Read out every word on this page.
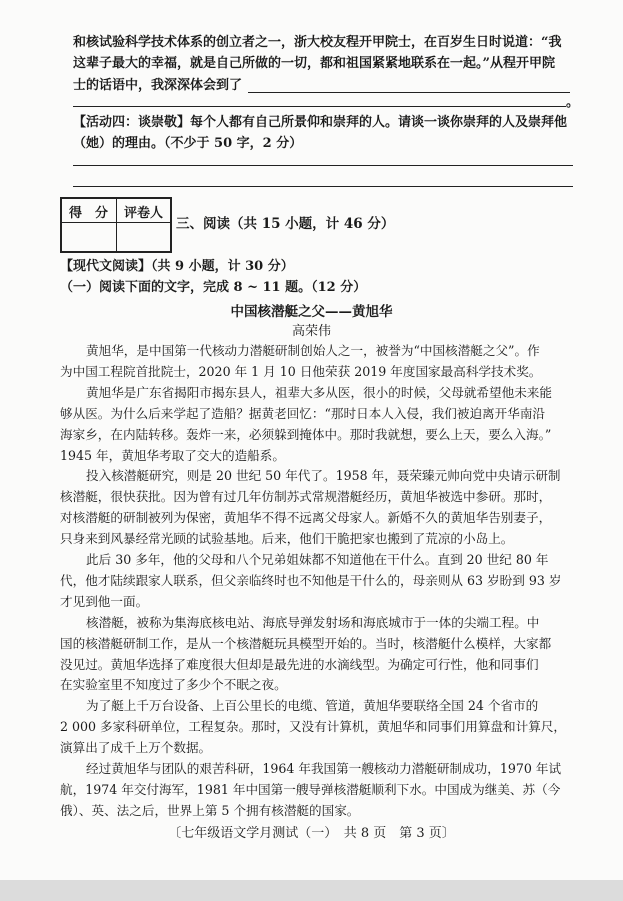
和核试验科学技术体系的创立者之一，浙大校友程开甲院士，在百岁生日时说道：“我
这辈子最大的幸福，就是自己所做的一切，都和祖国紧紧地联系在一起。”从程开甲院
士的话语中，我深深体会到了
。
【活动四：谈崇敬】每个人都有自己所景仰和崇拜的人。请谈一谈你崇拜的人及崇拜他
（她）的理由。（不少于 50 字，2 分）
得　分 评卷人
三、阅读（共 15 小题，计 46 分）
【现代文阅读】（共 9 小题，计 30 分）
（一）阅读下面的文字，完成 8 ~ 11 题。（12 分）
中国核潜艇之父——黄旭华
高荣伟
黄旭华，是中国第一代核动力潜艇研制创始人之一，被誉为“中国核潜艇之父”。作
为中国工程院首批院士，2020 年 1 月 10 日他荣获 2019 年度国家最高科学技术奖。
黄旭华是广东省揭阳市揭东县人，祖辈大多从医，很小的时候，父母就希望他未来能
够从医。为什么后来学起了造船？据黄老回忆：“那时日本人入侵，我们被迫离开华南沿
海家乡，在内陆转移。轰炸一来，必须躲到掩体中。那时我就想，要么上天，要么入海。”
1945 年，黄旭华考取了交大的造船系。
投入核潜艇研究，则是 20 世纪 50 年代了。1958 年，聂荣臻元帅向党中央请示研制
核潜艇，很快获批。因为曾有过几年仿制苏式常规潜艇经历，黄旭华被选中参研。那时，
对核潜艇的研制被列为保密，黄旭华不得不远离父母家人。新婚不久的黄旭华告别妻子，
只身来到风暴经常光顾的试验基地。后来，他们干脆把家也搬到了荒凉的小岛上。
此后 30 多年，他的父母和八个兄弟姐妹都不知道他在干什么。直到 20 世纪 80 年
代，他才陆续跟家人联系，但父亲临终时也不知他是干什么的，母亲则从 63 岁盼到 93 岁
才见到他一面。
核潜艇，被称为集海底核电站、海底导弹发射场和海底城市于一体的尖端工程。中
国的核潜艇研制工作，是从一个核潜艇玩具模型开始的。当时，核潜艇什么模样，大家都
没见过。黄旭华选择了难度很大但却是最先进的水滴线型。为确定可行性，他和同事们
在实验室里不知度过了多少个不眠之夜。
为了艇上千万台设备、上百公里长的电缆、管道，黄旭华要联络全国 24 个省市的
2 000 多家科研单位，工程复杂。那时，又没有计算机，黄旭华和同事们用算盘和计算尺，
演算出了成千上万个数据。
经过黄旭华与团队的艰苦科研，1964 年我国第一艘核动力潜艇研制成功，1970 年试
航，1974 年交付海军，1981 年中国第一艘导弹核潜艇顺利下水。中国成为继美、苏（今
俄）、英、法之后，世界上第 5 个拥有核潜艇的国家。
〔七年级语文学月测试（一）　共 8 页　第 3 页〕
